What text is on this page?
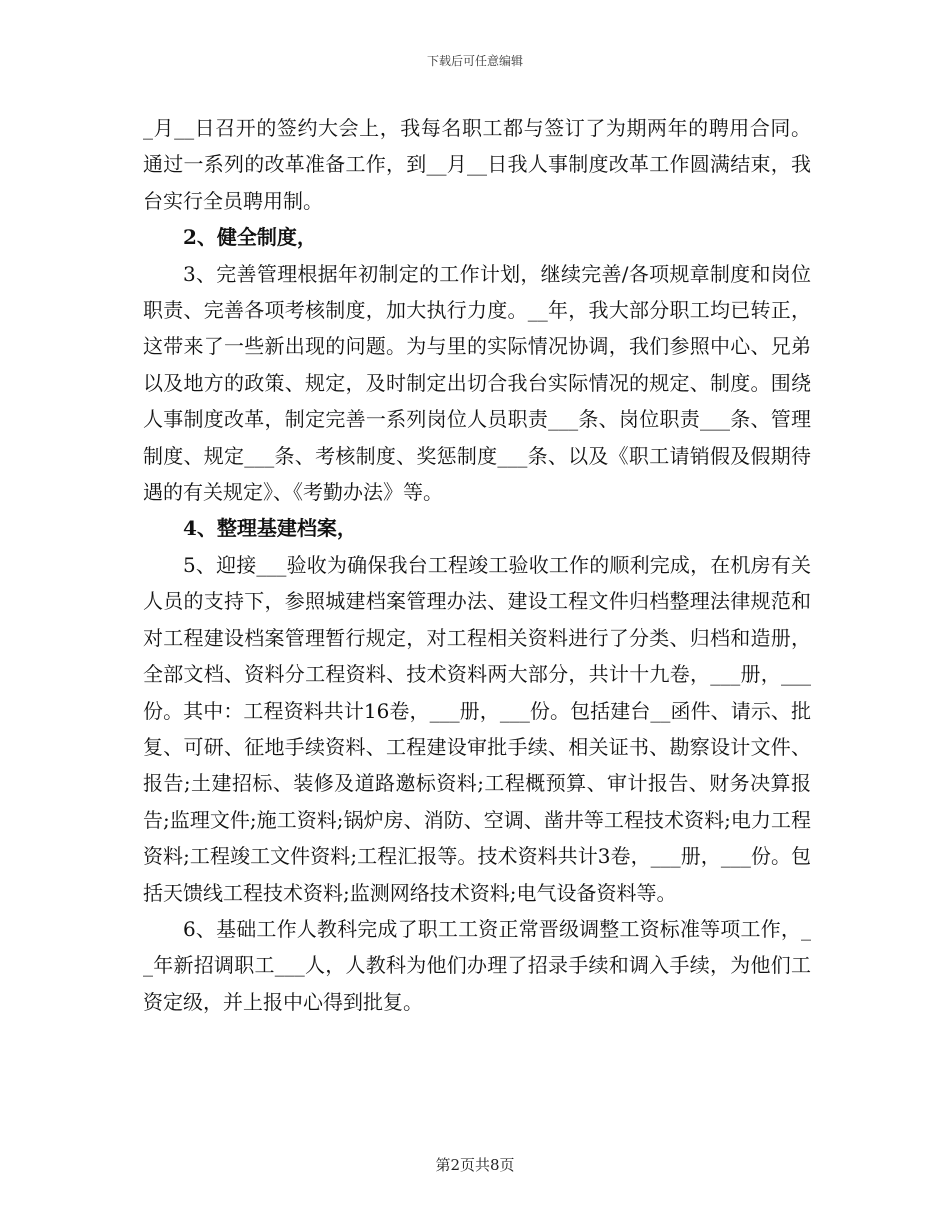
下载后可任意编辑

_月__日召开的签约大会上，我每名职工都与签订了为期两年的聘用合同。通过一系列的改革准备工作，到__月__日我人事制度改革工作圆满结束，我台实行全员聘用制。

2、健全制度，

3、完善管理根据年初制定的工作计划，继续完善/各项规章制度和岗位职责、完善各项考核制度，加大执行力度。__年，我大部分职工均已转正，这带来了一些新出现的问题。为与里的实际情况协调，我们参照中心、兄弟以及地方的政策、规定，及时制定出切合我台实际情况的规定、制度。围绕人事制度改革，制定完善一系列岗位人员职责___条、岗位职责___条、管理制度、规定___条、考核制度、奖惩制度___条、以及《职工请销假及假期待遇的有关规定》、《考勤办法》等。

4、整理基建档案，

5、迎接___验收为确保我台工程竣工验收工作的顺利完成，在机房有关人员的支持下，参照城建档案管理办法、建设工程文件归档整理法律规范和对工程建设档案管理暂行规定，对工程相关资料进行了分类、归档和造册，全部文档、资料分工程资料、技术资料两大部分，共计十九卷，___册，___份。其中：工程资料共计16卷，___册，___份。包括建台__函件、请示、批复、可研、征地手续资料、工程建设审批手续、相关证书、勘察设计文件、报告;土建招标、装修及道路邀标资料;工程概预算、审计报告、财务决算报告;监理文件;施工资料;锅炉房、消防、空调、凿井等工程技术资料;电力工程资料;工程竣工文件资料;工程汇报等。技术资料共计3卷，___册，___份。包括天馈线工程技术资料;监测网络技术资料;电气设备资料等。

6、基础工作人教科完成了职工工资正常晋级调整工资标准等项工作，__年新招调职工___人，人教科为他们办理了招录手续和调入手续，为他们工资定级，并上报中心得到批复。

第2页共8页
